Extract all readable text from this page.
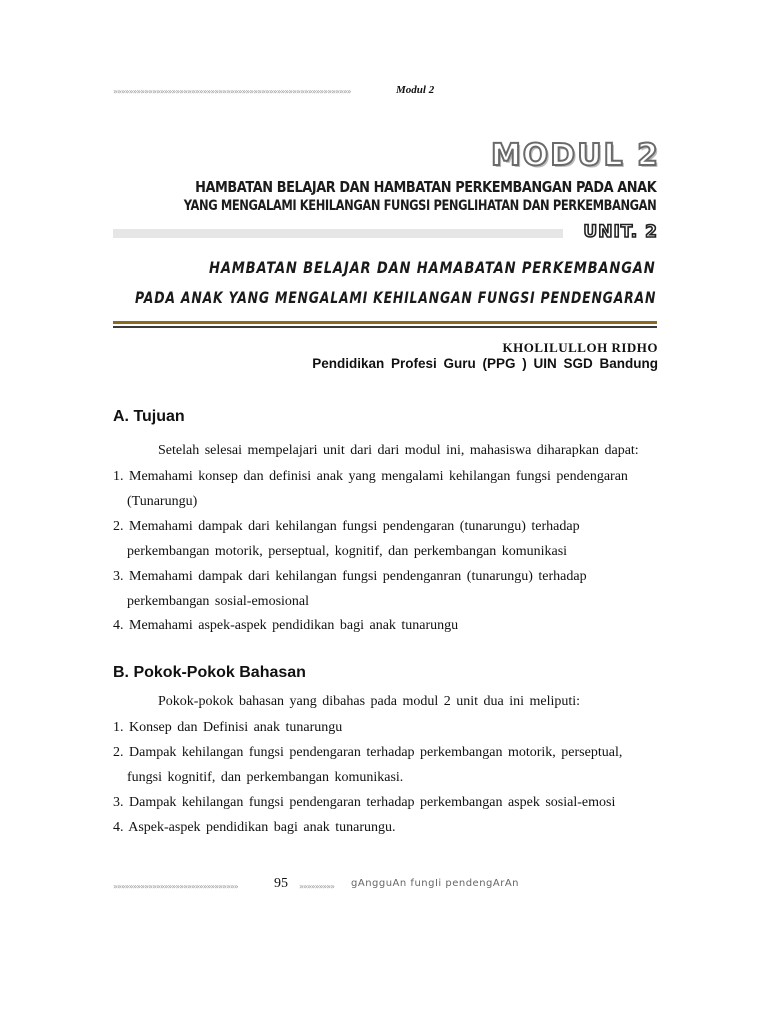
»»»»»»»»»»»»»»»»»»»»»»»»»»»»»»»»»»»»»»»»»»»»»»»»»»»»»»»»»»»»»	Modul 2
MODUL 2
HAMBATAN BELAJAR DAN HAMBATAN PERKEMBANGAN PADA ANAK
YANG MENGALAMI KEHILANGAN FUNGSI PENGLIHATAN DAN PERKEMBANGAN
UNIT. 2
HAMBATAN BELAJAR DAN HAMABATAN PERKEMBANGAN
PADA ANAK YANG MENGALAMI KEHILANGAN FUNGSI PENDENGARAN
KHOLILULLOH RIDHO
Pendidikan Profesi Guru (PPG ) UIN SGD Bandung
A. Tujuan
Setelah selesai mempelajari unit dari dari modul ini, mahasiswa diharapkan dapat:
1. Memahami konsep dan definisi anak yang mengalami kehilangan fungsi pendengaran
(Tunarungu)
2. Memahami dampak dari kehilangan fungsi pendengaran (tunarungu) terhadap
perkembangan motorik, perseptual, kognitif, dan perkembangan komunikasi
3. Memahami dampak dari kehilangan fungsi pendenganran (tunarungu) terhadap
perkembangan sosial-emosional
4. Memahami aspek-aspek pendidikan bagi anak tunarungu
B. Pokok-Pokok Bahasan
Pokok-pokok bahasan yang dibahas pada modul 2 unit dua ini meliputi:
1. Konsep dan Definisi anak tunarungu
2. Dampak kehilangan fungsi pendengaran terhadap perkembangan motorik, perseptual,
fungsi kognitif, dan perkembangan komunikasi.
3. Dampak kehilangan fungsi pendengaran terhadap perkembangan aspek sosial-emosi
4. Aspek-aspek pendidikan bagi anak tunarungu.
»»»»»»»»»»»»»»»»»»»»»»»»»»»»»»»»	95 »»»»»»»»»	gAngguAn fungIi pendengArAn
